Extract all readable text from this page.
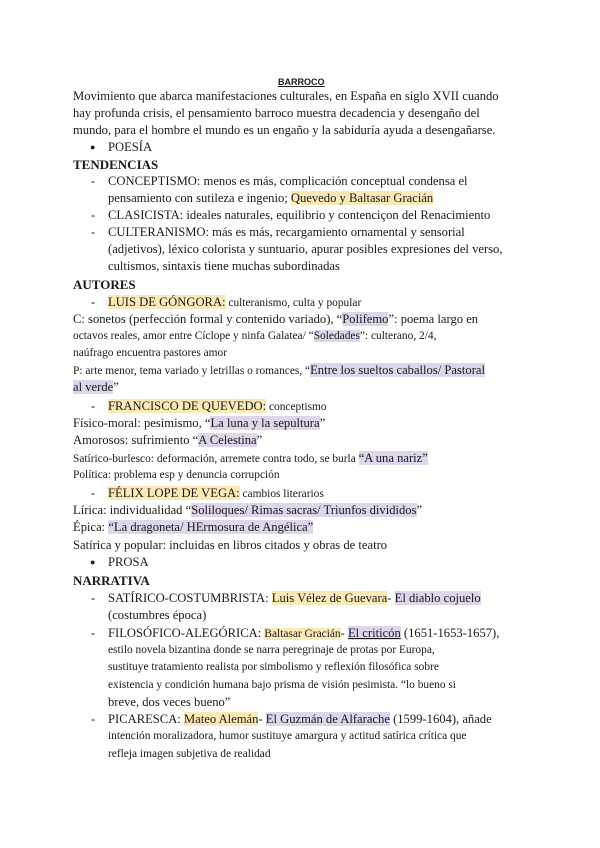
BARROCO
Movimiento que abarca manifestaciones culturales, en España en siglo XVII cuando
hay profunda crisis, el pensamiento barroco muestra decadencia y desengaño del
mundo, para el hombre el mundo es un engaño y la sabiduría ayuda a desengañarse.
● POESÍA
TENDENCIAS
- CONCEPTISMO: menos es más, complicación conceptual condensa el
pensamiento con sutileza e ingenio; Quevedo y Baltasar Gracián
- CLASICISTA: ideales naturales, equilibrio y contenciçon del Renacimiento
- CULTERANISMO: más es más, recargamiento ornamental y sensorial
(adjetivos), léxico colorista y suntuario, apurar posibles expresiones del verso,
cultismos, sintaxis tiene muchas subordinadas
AUTORES
- LUIS DE GÓNGORA: culteranismo, culta y popular
C: sonetos (perfección formal y contenido variado), “Polifemo”: poema largo en
octavos reales, amor entre Cíclope y ninfa Galatea/ “Soledades”: culterano, 2/4,
naúfrago encuentra pastores amor
P: arte menor, tema variado y letrillas o romances, “Entre los sueltos caballos/ Pastoral
al verde”
- FRANCISCO DE QUEVEDO: conceptismo
Físico-moral: pesimismo, “La luna y la sepultura”
Amorosos: sufrimiento “A Celestina”
Satírico-burlesco: deformación, arremete contra todo, se burla “A una nariz”
Política: problema esp y denuncia corrupción
- FÉLIX LOPE DE VEGA: cambios literarios
Lírica: individualidad “Soliloques/ Rimas sacras/ Triunfos divididos”
Épica: “La dragoneta/ HErmosura de Angélica”
Satírica y popular: incluidas en libros citados y obras de teatro
● PROSA
NARRATIVA
- SATÍRICO-COSTUMBRISTA: Luis Vélez de Guevara- El diablo cojuelo
(costumbres época)
- FILOSÓFICO-ALEGÓRICA: Baltasar Gracián- El criticón (1651-1653-1657),
estilo novela bizantina donde se narra peregrinaje de protas por Europa,
sustituye tratamiento realista por simbolismo y reflexión filosófica sobre
existencia y condición humana bajo prisma de visión pesimista. “lo bueno si
breve, dos veces bueno”
- PICARESCA: Mateo Alemán- El Guzmán de Alfarache (1599-1604), añade
intención moralizadora, humor sustituye amargura y actitud satírica crítica que
refleja imagen subjetiva de realidad
